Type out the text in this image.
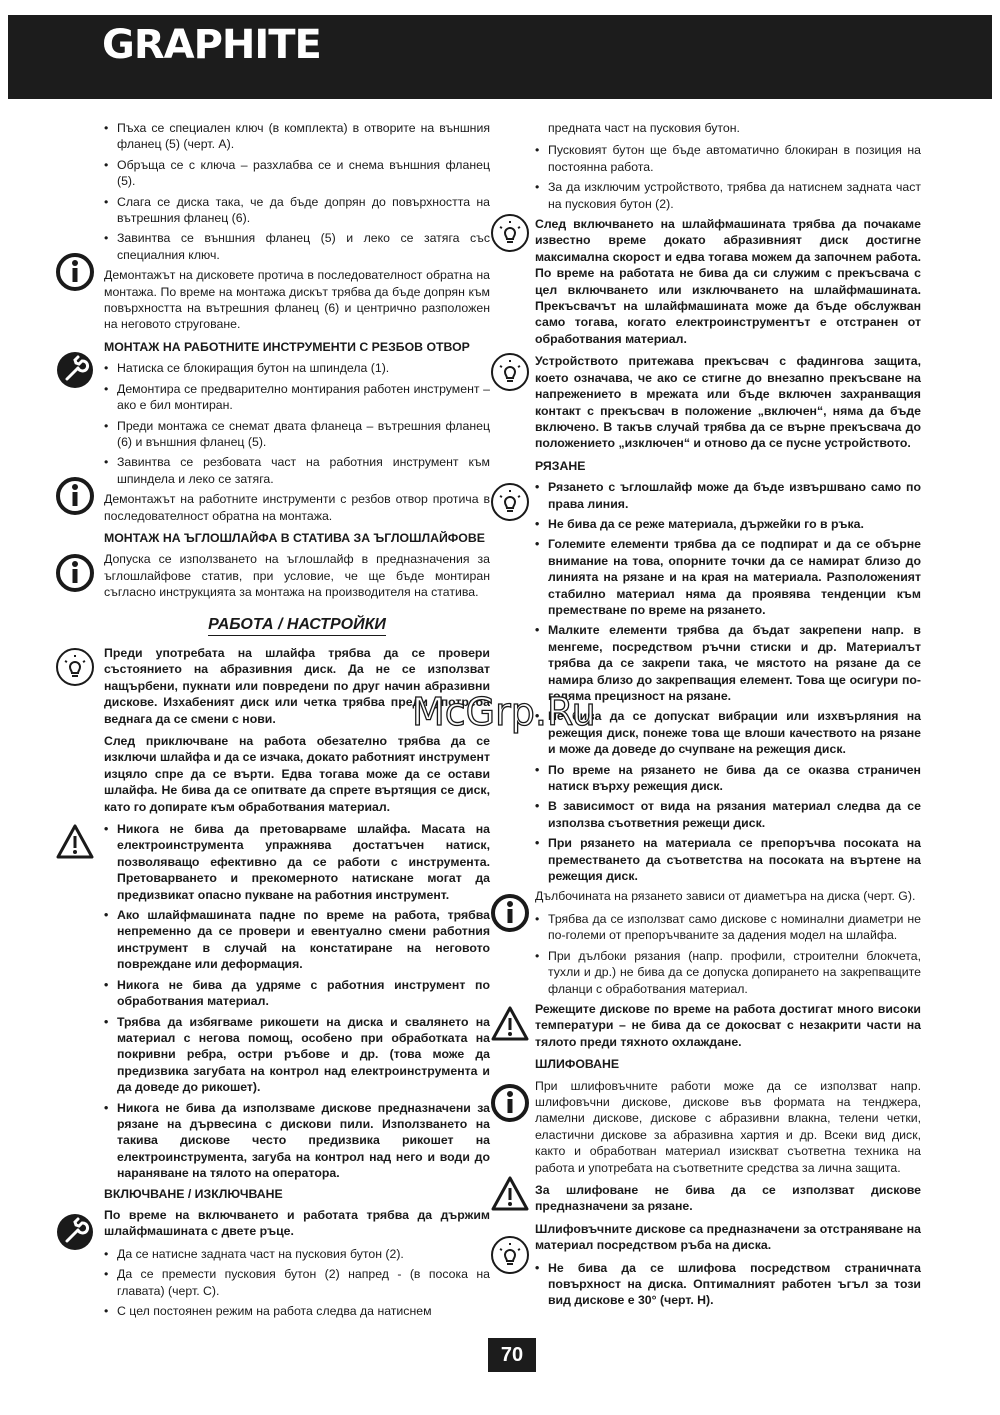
GRAPHITE
• Пъха се специален ключ (в комплекта) в отворите на външния фланец (5) (черт. А).
• Обръща се с ключа – разхлабва се и снема външния фланец (5).
• Слага се диска така, че да бъде допрян до повърхността на вътрешния фланец (6).
• Завинтва се външния фланец (5) и леко се затяга със специалния ключ.

Демонтажът на дисковете протича в последователност обратна на монтажа. По време на монтажа дискът трябва да бъде допрян към повърхността на вътрешния фланец (6) и центрично разположен на неговото струговане.

МОНТАЖ НА РАБОТНИТЕ ИНСТРУМЕНТИ С РЕЗБОВ ОТВОР
• Натиска се блокиращия бутон на шпиндела (1).
• Демонтира се предварително монтирания работен инструмент – ако е бил монтиран.
• Преди монтажа се снемат двата фланеца – вътрешния фланец (6) и външния фланец (5).
• Завинтва се резбовата част на работния инструмент към шпиндела и леко се затяга.

Демонтажът на работните инструменти с резбов отвор протича в последователност обратна на монтажа.

МОНТАЖ НА ЪГЛОШЛАЙФА В СТАТИВА ЗА ЪГЛОШЛАЙФОВЕ

Допуска се използването на ъглошлайф в предназначения за ъглошлайфове статив, при условие, че ще бъде монтиран съгласно инструкцията за монтажа на производителя на статива.

РАБОТА / НАСТРОЙКИ

Преди употребата на шлайфа трябва да се провери състоянието на абразивния диск. Да не се използват нащърбени, пукнати или повредени по друг начин абразивни дискове. Изхабеният диск или четка трябва преди употреба веднага да се смени с нови.

След приключване на работа обезателно трябва да се изключи шлайфа и да се изчака, докато работният инструмент изцяло спре да се върти. Едва тогава може да се остави шлайфа. Не бива да се опитвате да спрете въртящия се диск, като го допирате към обработвания материал.

• Никога не бива да претоварваме шлайфа. Масата на електроинструмента упражнява достатъчен натиск, позволяващо ефективно да се работи с инструмента. Претоварването и прекомерното натискане могат да предизвикат опасно пукване на работния инструмент.
• Ако шлайфмашината падне по време на работа, трябва непременно да се провери и евентуално смени работния инструмент в случай на констатиране на неговото повреждане или деформация.
• Никога не бива да удряме с работния инструмент по обработвания материал.
• Трябва да избягваме рикошети на диска и свалянето на материал с негова помощ, особено при обработката на покривни ребра, остри ръбове и др. (това може да предизвика загубата на контрол над електроинструмента и да доведе до рикошет).
• Никога не бива да използваме дискове предназначени за рязане на дървесина с дискови пили. Използването на такива дискове често предизвика рикошет на електроинструмента, загуба на контрол над него и води до нараняване на тялото на оператора.
ВКЛЮЧВАНЕ / ИЗКЛЮЧВАНЕ

По време на включването и работата трябва да държим шлайфмашината с двете ръце.

• Да се натисне задната част на пусковия бутон (2).
• Да се премести пусковия бутон (2) напред - (в посока на главата) (черт. С).
• С цел постоянен режим на работа следва да натиснем

предната част на пусковия бутон.

• Пусковият бутон ще бъде автоматично блокиран в позиция на постоянна работа.
• За да изключим устройството, трябва да натиснем задната част на пусковия бутон (2).

След включването на шлайфмашината трябва да почакаме известно време докато абразивният диск достигне максимална скорост и едва тогава можем да започнем работа. По време на работата не бива да си служим с прекъсвача с цел включването или изключването на шлайфмашината. Прекъсвачът на шлайфмашината може да бъде обслужван само тогава, когато електроинструментът е отстранен от обработвания материал.

Устройството притежава прекъсвач с фадингова защита, което означава, че ако се стигне до внезапно прекъсване на напрежението в мрежата или бъде включен захранващия контакт с прекъсвач в положение „включен“, няма да бъде включено. В такъв случай трябва да се върне прекъсвача до положението „изключен“ и отново да се пусне устройството.

РЯЗАНЕ
• Рязането с ъглошлайф може да бъде извършвано само по права линия.
• Не бива да се реже материала, държейки го в ръка.
• Големите елементи трябва да се подпират и да се обърне внимание на това, опорните точки да се намират близо до линията на рязане и на края на материала. Разположеният стабилно материал няма да проявява тенденции към преместване по време на рязането.
• Малките елементи трябва да бъдат закрепени напр. в менгеме, посредством ръчни стиски и др. Материалът трябва да се закрепи така, че мястото на рязане да се намира близо до закрепващия елемент. Това ще осигури по-голяма прецизност на рязане.
• Не бива да се допускат вибрации или изхвърляния на режещия диск, понеже това ще влоши качеството на рязане и може да доведе до счупване на режещия диск.
• По време на рязането не бива да се оказва страничен натиск върху режещия диск.
• В зависимост от вида на рязания материал следва да се използва съответния режещи диск.
• При рязането на материала се препоръчва посоката на преместването да съответства на посоката на въртене на режещия диск.

Дълбочината на рязането зависи от диаметъра на диска (черт. G).

• Трябва да се използват само дискове с номинални диаметри не по-големи от препоръчваните за дадения модел на шлайфа.
• При дълбоки рязания (напр. профили, строителни блокчета, тухли и др.) не бива да се допуска допирането на закрепващите фланци с обработвания материал.

Режещите дискове по време на работа достигат много високи температури – не бива да се докосват с незакрити части на тялото преди тяхното охлаждане.

ШЛИФОВАНЕ

При шлифовъчните работи може да се използват напр. шлифовъчни дискове, дискове във формата на тенджера, ламелни дискове, дискове с абразивни влакна, телени четки, еластични дискове за абразивна хартия и др. Всеки вид диск, както и обработван материал изискват съответна техника на работа и употребата на съответните средства за лична защита.

За шлифоване не бива да се използват дискове предназначени за рязане.

Шлифовъчните дискове са предназначени за отстраняване на материал посредством ръба на диска.

• Не бива да се шлифова посредством страничната повърхност на диска. Оптималният работен ъгъл за този вид дискове е 30° (черт. H).
McGrp.Ru
70
